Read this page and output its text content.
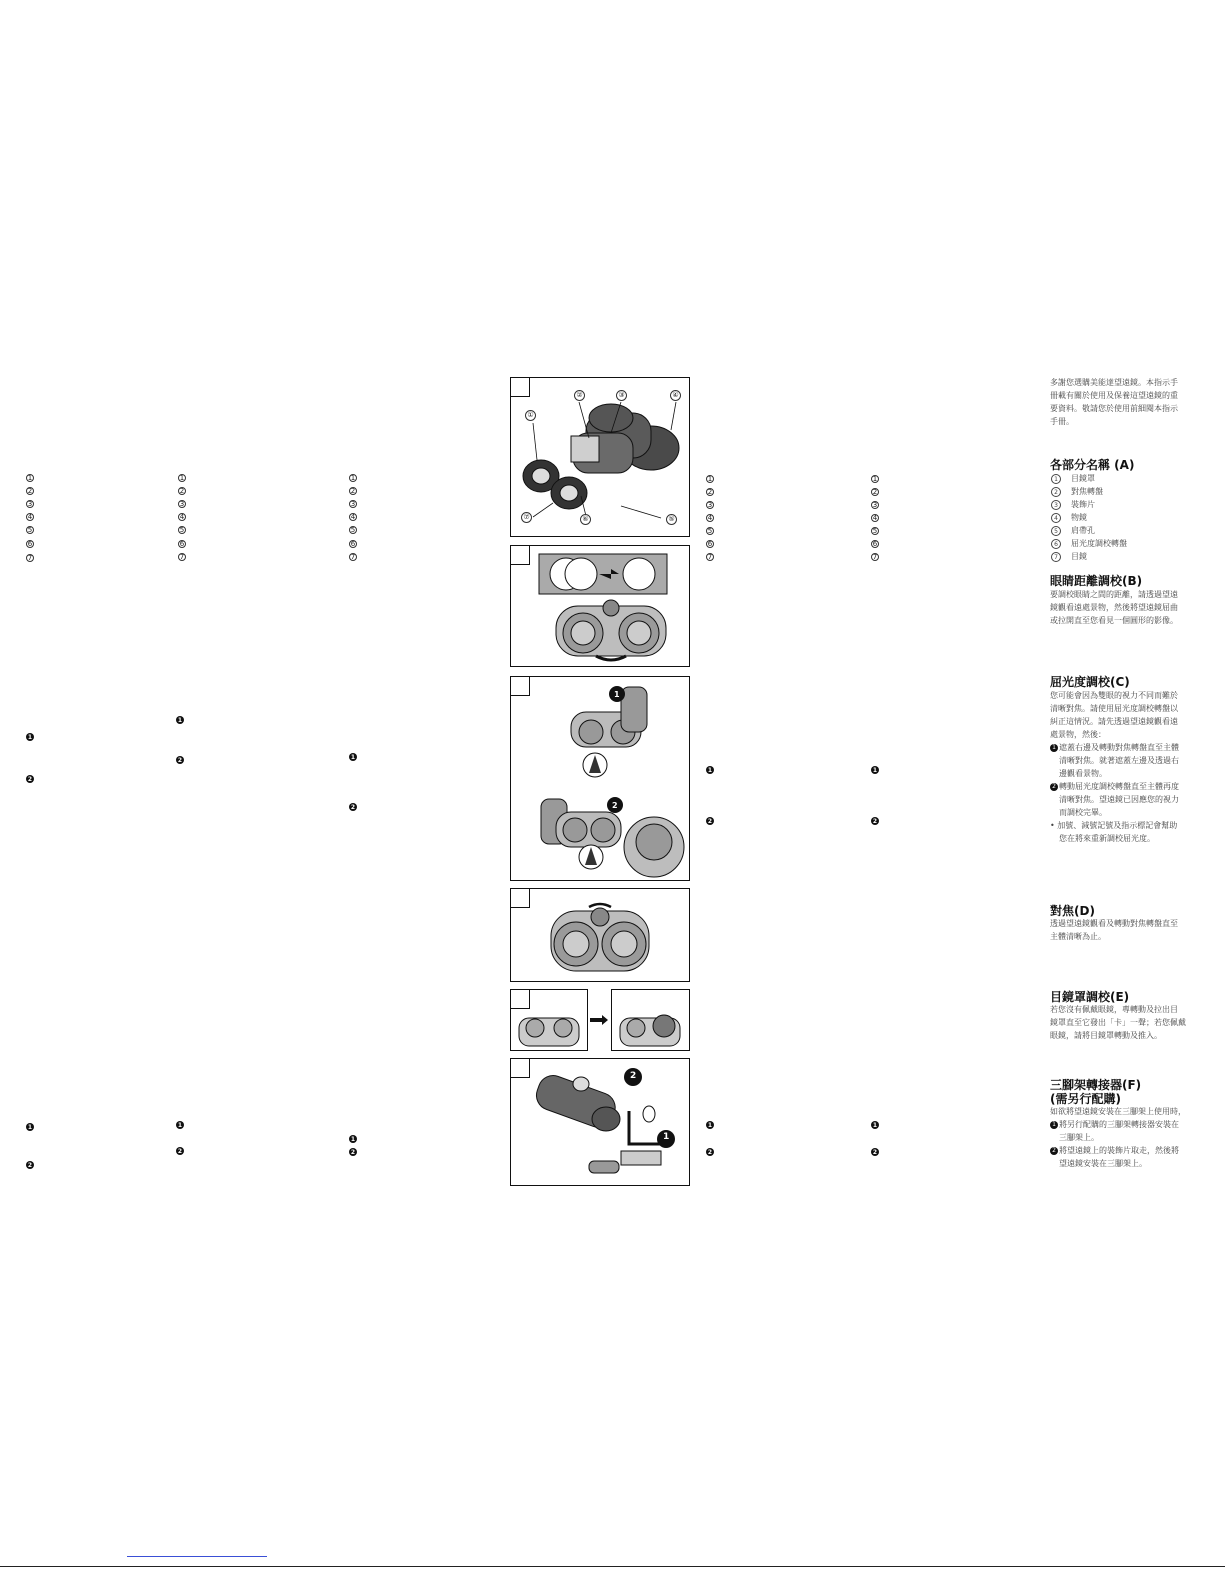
1
2
3
4
5
6
7
1
2
3
4
5
6
7
1
2
3
4
5
6
7
1
2
3
4
5
6
7
1
2
3
4
5
6
7
1
2
1
2	1
2
1
2
1
2
1
2
1
2
1
2
1
2
1
2
①
②	③	④
⑤
⑥
⑦
1
2
2
1
多謝您選購美能達望遠鏡。本指示手
冊載有關於使用及保養這望遠鏡的重
要資料。敬請您於使用前細閱本指示
手冊。
各部分名稱 (A)
1	目鏡罩
2	對焦轉盤
3	裝飾片
4	物鏡
5	肩帶孔
6	屈光度調校轉盤
7	目鏡
眼睛距離調校(B)
要調校眼睛之間的距離，請透過望遠
鏡觀看遠處景物，然後將望遠鏡屈曲
或拉開直至您看見一個圓形的影像。
屈光度調校(C)
您可能會因為雙眼的視力不同而難於
清晰對焦。請使用屈光度調校轉盤以
糾正這情況。請先透過望遠鏡觀看遠
處景物，然後：
1 遮蓋右邊及轉動對焦轉盤直至主體
清晰對焦。就著遮蓋左邊及透過右
邊觀看景物。
2 轉動屈光度調校轉盤直至主體再度
清晰對焦。望遠鏡已因應您的視力
而調校完畢。
• 加號、減號記號及指示標記會幫助
您在將來重新調校屈光度。
對焦(D)
透過望遠鏡觀看及轉動對焦轉盤直至
主體清晰為止。
目鏡罩調校(E)
若您沒有佩戴眼鏡，專轉動及拉出目
鏡罩直至它發出「卡」一聲；若您佩戴
眼鏡，請將目鏡罩轉動及推入。
三腳架轉接器(F)
(需另行配購)
如欲將望遠鏡安裝在三腳架上使用時，
1 將另行配購的三腳架轉接器安裝在
三腳架上。
2 將望遠鏡上的裝飾片取走，然後將
望遠鏡安裝在三腳架上。
